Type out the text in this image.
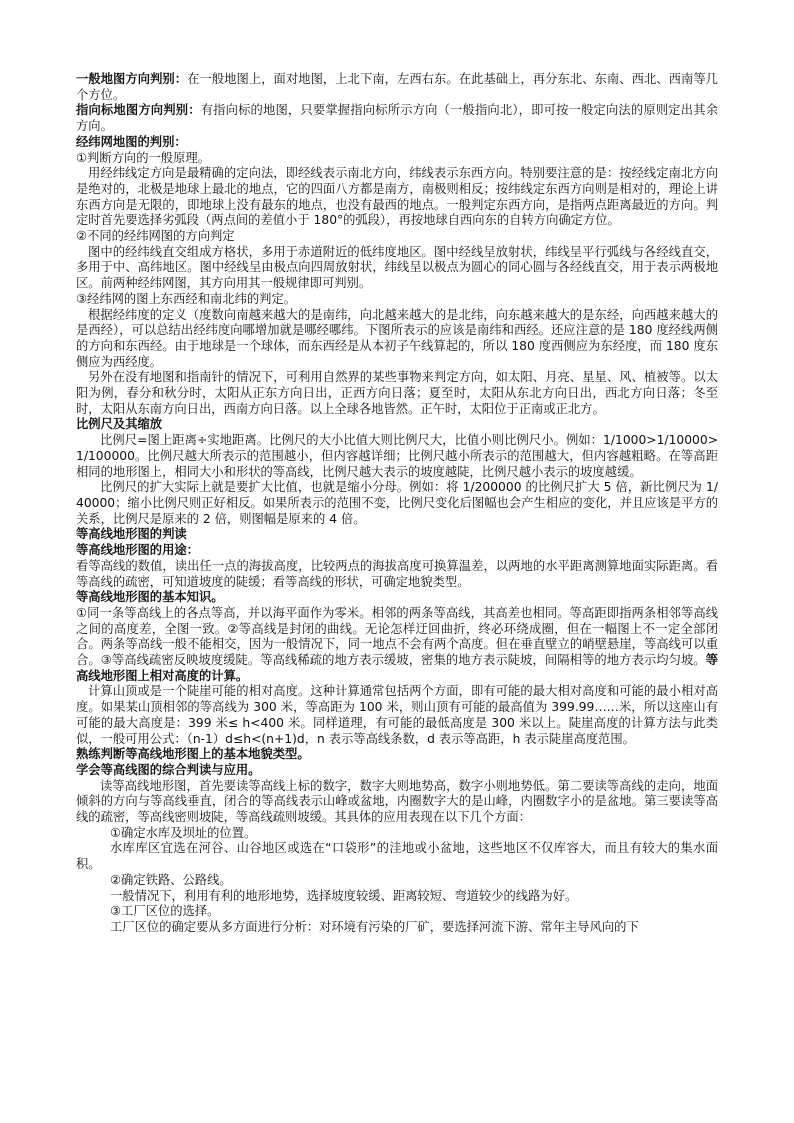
一般地图方向判别：在一般地图上，面对地图，上北下南，左西右东。在此基础上，再分东北、东南、西北、西南等几个方位。

指向标地图方向判别：有指向标的地图，只要掌握指向标所示方向（一般指向北），即可按一般定向法的原则定出其余方向。

经纬网地图的判别：

①判断方向的一般原理。

用经纬线定方向是最精确的定向法，即经线表示南北方向，纬线表示东西方向。特别要注意的是：按经线定南北方向是绝对的，北极是地球上最北的地点，它的四面八方都是南方，南极则相反；按纬线定东西方向则是相对的，理论上讲东西方向是无限的，即地球上没有最东的地点，也没有最西的地点。一般判定东西方向，是指两点距离最近的方向。判定时首先要选择劣弧段（两点间的差值小于 180°的弧段），再按地球自西向东的自转方向确定方位。

②不同的经纬网图的方向判定

图中的经纬线直交组成方格状，多用于赤道附近的低纬度地区。图中经线呈放射状，纬线呈平行弧线与各经线直交，多用于中、高纬地区。图中经线呈由极点向四周放射状，纬线呈以极点为圆心的同心圆与各经线直交，用于表示两极地区。前两种经纬网图，其方向用其一般规律即可判别。

③经纬网的图上东西经和南北纬的判定。

根据经纬度的定义（度数向南越来越大的是南纬，向北越来越大的是北纬，向东越来越大的是东经，向西越来越大的是西经），可以总结出经纬度向哪增加就是哪经哪纬。下图所表示的应该是南纬和西经。还应注意的是 180 度经线两侧的方向和东西经。由于地球是一个球体，而东西经是从本初子午线算起的，所以 180 度西侧应为东经度，而 180 度东侧应为西经度。

另外在没有地图和指南针的情况下，可利用自然界的某些事物来判定方向，如太阳、月亮、星星、风、植被等。以太阳为例，春分和秋分时，太阳从正东方向日出，正西方向日落；夏至时，太阳从东北方向日出，西北方向日落；冬至时，太阳从东南方向日出，西南方向日落。以上全球各地皆然。正午时，太阳位于正南或正北方。

比例尺及其缩放

比例尺=图上距离÷实地距离。比例尺的大小比值大则比例尺大，比值小则比例尺小。例如：1/1000>1/10000>1/100000。比例尺越大所表示的范围越小，但内容越详细；比例尺越小所表示的范围越大，但内容越粗略。在等高距相同的地形图上，相同大小和形状的等高线，比例尺越大表示的坡度越陡，比例尺越小表示的坡度越缓。

比例尺的扩大实际上就是要扩大比值，也就是缩小分母。例如：将 1/200000 的比例尺扩大 5 倍，新比例尺为 1/40000；缩小比例尺则正好相反。如果所表示的范围不变，比例尺变化后图幅也会产生相应的变化，并且应该是平方的关系，比例尺是原来的 2 倍，则图幅是原来的 4 倍。

等高线地形图的判读

等高线地形图的用途：

看等高线的数值，读出任一点的海拔高度，比较两点的海拔高度可换算温差，以两地的水平距离测算地面实际距离。看等高线的疏密，可知道坡度的陡缓；看等高线的形状，可确定地貌类型。

等高线地形图的基本知识。

①同一条等高线上的各点等高，并以海平面作为零米。相邻的两条等高线，其高差也相同。等高距即指两条相邻等高线之间的高度差，全图一致。②等高线是封闭的曲线。无论怎样迂回曲折，终必环绕成圈，但在一幅图上不一定全部闭合。两条等高线一般不能相交，因为一般情况下，同一地点不会有两个高度。但在垂直壁立的峭壁悬崖，等高线可以重合。③等高线疏密反映坡度缓陡。等高线稀疏的地方表示缓坡，密集的地方表示陡坡，间隔相等的地方表示均匀坡。等高线地形图上相对高度的计算。

计算山顶或是一个陡崖可能的相对高度。这种计算通常包括两个方面，即有可能的最大相对高度和可能的最小相对高度。如果某山顶相邻的等高线为 300 米，等高距为 100 米，则山顶有可能的最高值为 399.99……米，所以这座山有可能的最大高度是：399 米≤ h<400 米。同样道理，有可能的最低高度是 300 米以上。陡崖高度的计算方法与此类似，一般可用公式：（n-1）d≤h<(n+1)d，n 表示等高线条数，d 表示等高距，h 表示陡崖高度范围。

熟练判断等高线地形图上的基本地貌类型。

学会等高线图的综合判读与应用。

读等高线地形图，首先要读等高线上标的数字，数字大则地势高，数字小则地势低。第二要读等高线的走向，地面倾斜的方向与等高线垂直，闭合的等高线表示山峰或盆地，内圈数字大的是山峰，内圈数字小的是盆地。第三要读等高线的疏密，等高线密则坡陡，等高线疏则坡缓。其具体的应用表现在以下几个方面：

①确定水库及坝址的位置。

水库库区宜选在河谷、山谷地区或选在“口袋形”的洼地或小盆地，这些地区不仅库容大，而且有较大的集水面积。

②确定铁路、公路线。

一般情况下，利用有利的地形地势，选择坡度较缓、距离较短、弯道较少的线路为好。

③工厂区位的选择。

工厂区位的确定要从多方面进行分析：对环境有污染的厂矿，要选择河流下游、常年主导风向的下
